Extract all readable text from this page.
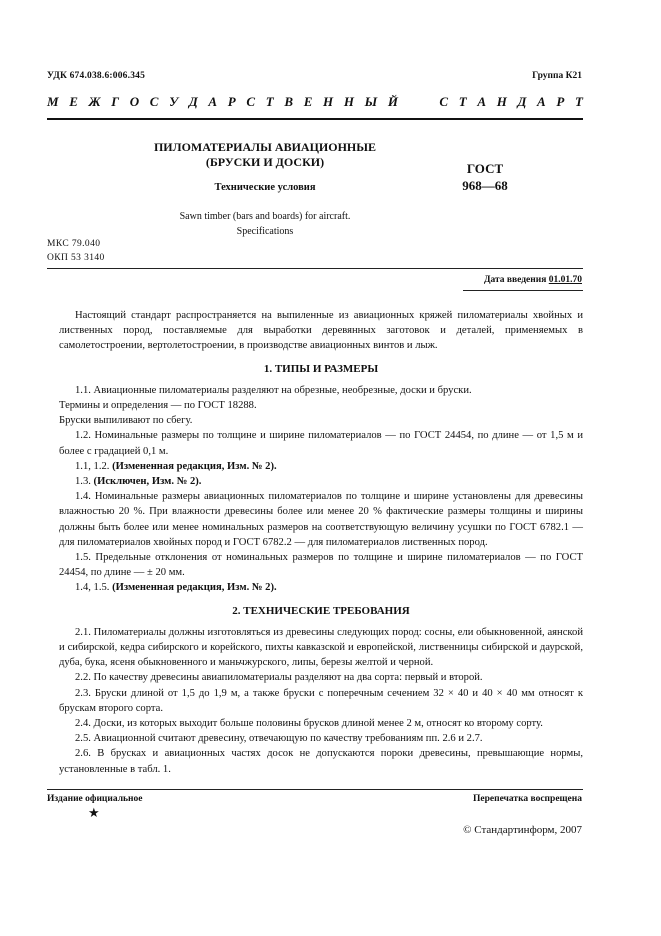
УДК 674.038.6:006.345	Группа К21
М Е Ж Г О С У Д А Р С Т В Е Н Н Ы Й	С Т А Н Д А Р Т
ПИЛОМАТЕРИАЛЫ АВИАЦИОННЫЕ
(БРУСКИ И ДОСКИ)
Технические условия
Sawn timber (bars and boards) for aircraft.
Specifications
ГОСТ
968—68
МКС 79.040
ОКП 53 3140
Дата введения 01.01.70

Настоящий стандарт распространяется на выпиленные из авиационных кряжей пиломатериалы хвойных и лиственных пород, поставляемые для выработки деревянных заготовок и деталей, применяемых в самолетостроении, вертолетостроении, в производстве авиационных винтов и лыж.

1. ТИПЫ И РАЗМЕРЫ

1.1. Авиационные пиломатериалы разделяют на обрезные, необрезные, доски и бруски.

Термины и определения — по ГОСТ 18288.

Бруски выпиливают по сбегу.

1.2. Номинальные размеры по толщине и ширине пиломатериалов — по ГОСТ 24454, по длине — от 1,5 м и более с градацией 0,1 м.

1.1, 1.2. (Измененная редакция, Изм. № 2).

1.3. (Исключен, Изм. № 2).

1.4. Номинальные размеры авиационных пиломатериалов по толщине и ширине установлены для древесины влажностью 20 %. При влажности древесины более или менее 20 % фактические размеры толщины и ширины должны быть более или менее номинальных размеров на соответствующую величину усушки по ГОСТ 6782.1 — для пиломатериалов хвойных пород и ГОСТ 6782.2 — для пиломатериалов лиственных пород.

1.5. Предельные отклонения от номинальных размеров по толщине и ширине пиломатериалов — по ГОСТ 24454, по длине — ± 20 мм.

1.4, 1.5. (Измененная редакция, Изм. № 2).

2. ТЕХНИЧЕСКИЕ ТРЕБОВАНИЯ

2.1. Пиломатериалы должны изготовляться из древесины следующих пород: сосны, ели обыкновенной, аянской и сибирской, кедра сибирского и корейского, пихты кавказской и европейской, лиственницы сибирской и даурской, дуба, бука, ясеня обыкновенного и маньчжурского, липы, березы желтой и черной.

2.2. По качеству древесины авиапиломатериалы разделяют на два сорта: первый и второй.

2.3. Бруски длиной от 1,5 до 1,9 м, а также бруски с поперечным сечением 32 × 40 и 40 × 40 мм относят к брускам второго сорта.

2.4. Доски, из которых выходит больше половины брусков длиной менее 2 м, относят ко второму сорту.

2.5. Авиационной считают древесину, отвечающую по качеству требованиям пп. 2.6 и 2.7.

2.6. В брусках и авиационных частях досок не допускаются пороки древесины, превышающие нормы, установленные в табл. 1.

Издание официальное	Перепечатка воспрещена
★
© Стандартинформ, 2007
